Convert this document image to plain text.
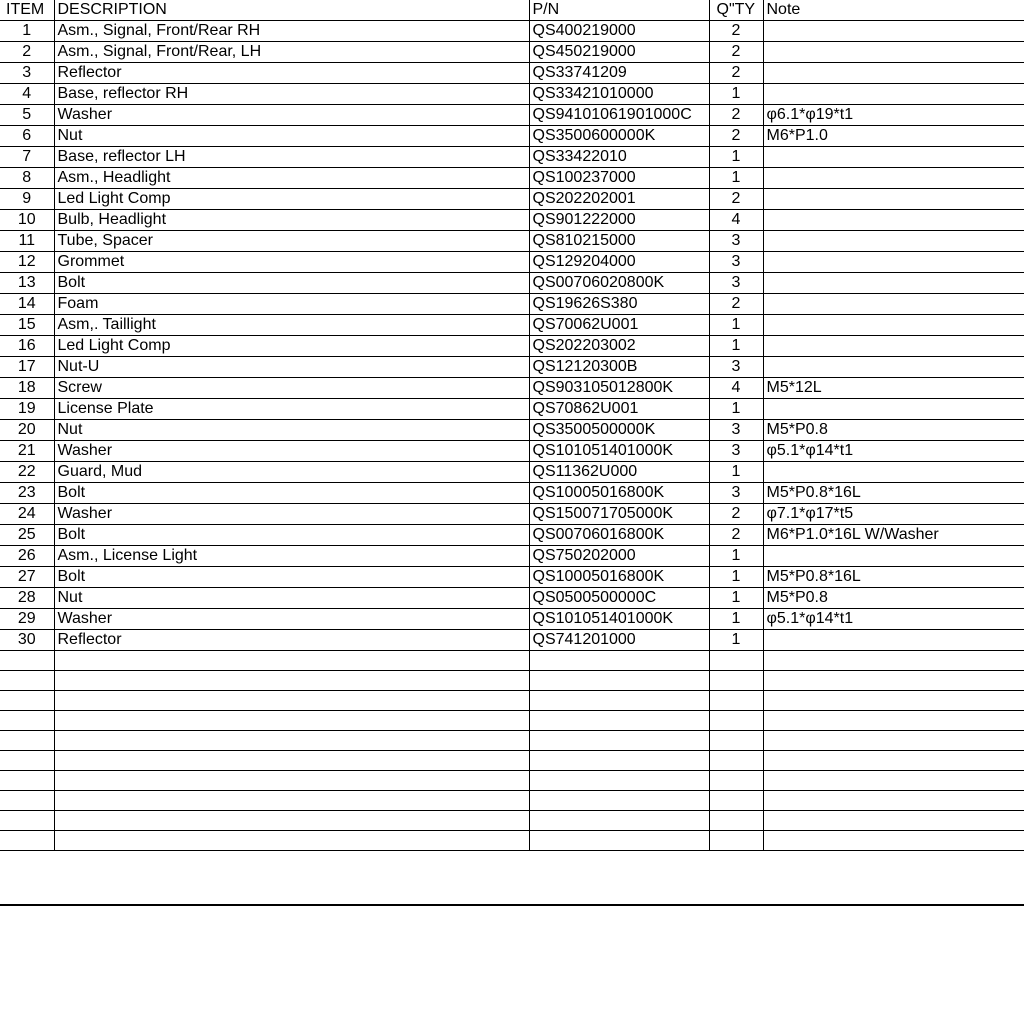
ITEM	DESCRIPTION	P/N	Q"TY	Note
1	Asm., Signal, Front/Rear RH	QS400219000	2	
2	Asm., Signal, Front/Rear, LH	QS450219000	2	
3	Reflector	QS33741209	2	
4	Base, reflector RH	QS33421010000	1	
5	Washer	QS94101061901000C	2	φ6.1*φ19*t1
6	Nut	QS3500600000K	2	M6*P1.0
7	Base, reflector LH	QS33422010	1	
8	Asm., Headlight	QS100237000	1	
9	Led Light Comp	QS202202001	2	
10	Bulb, Headlight	QS901222000	4	
11	Tube, Spacer	QS810215000	3	
12	Grommet	QS129204000	3	
13	Bolt	QS00706020800K	3	
14	Foam	QS19626S380	2	
15	Asm,. Taillight	QS70062U001	1	
16	Led Light Comp	QS202203002	1	
17	Nut-U	QS12120300B	3	
18	Screw	QS903105012800K	4	M5*12L
19	License Plate	QS70862U001	1	
20	Nut	QS3500500000K	3	M5*P0.8
21	Washer	QS101051401000K	3	φ5.1*φ14*t1
22	Guard, Mud	QS11362U000	1	
23	Bolt	QS10005016800K	3	M5*P0.8*16L
24	Washer	QS150071705000K	2	φ7.1*φ17*t5
25	Bolt	QS00706016800K	2	M6*P1.0*16L W/Washer
26	Asm., License Light	QS750202000	1	
27	Bolt	QS10005016800K	1	M5*P0.8*16L
28	Nut	QS0500500000C	1	M5*P0.8
29	Washer	QS101051401000K	1	φ5.1*φ14*t1
30	Reflector	QS741201000	1	
